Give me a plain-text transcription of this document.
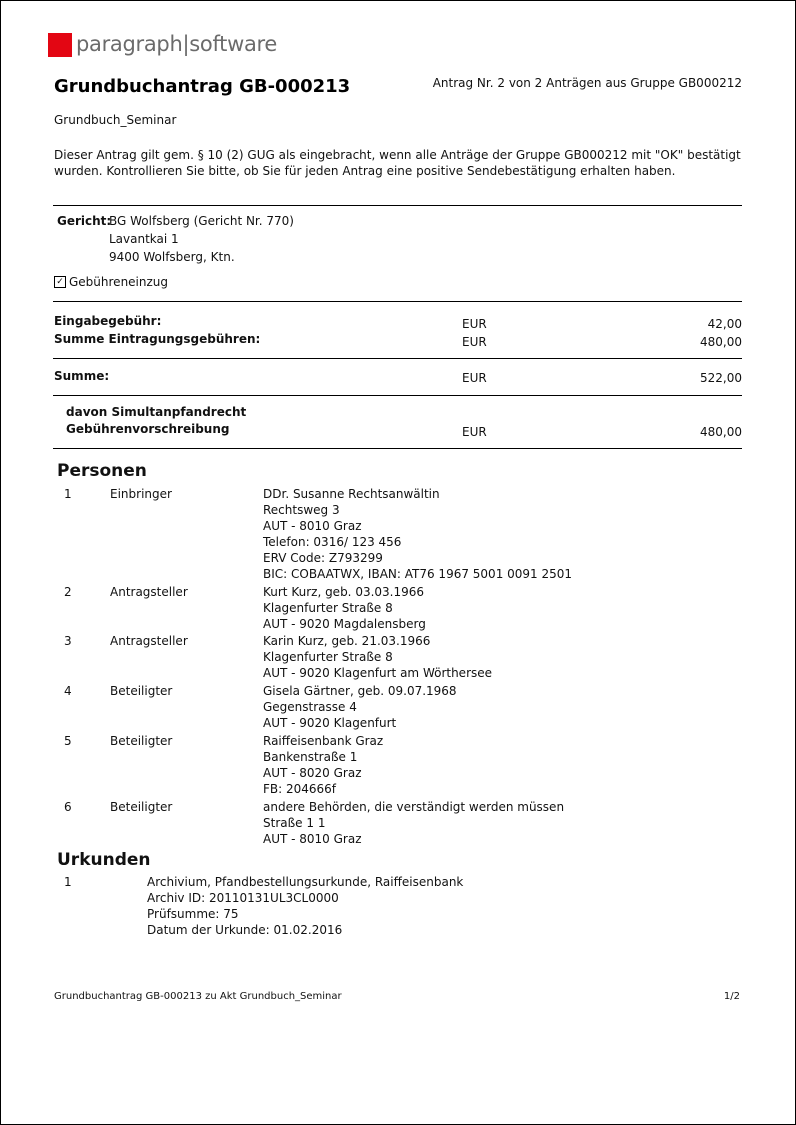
paragraph|software
Grundbuchantrag GB-000213	Antrag Nr. 2 von 2 Anträgen aus Gruppe GB000212
Grundbuch_Seminar
Dieser Antrag gilt gem. § 10 (2) GUG als eingebracht, wenn alle Anträge der Gruppe GB000212 mit "OK" bestätigt wurden. Kontrollieren Sie bitte, ob Sie für jeden Antrag eine positive Sendebestätigung erhalten haben.
Gericht:
BG Wolfsberg (Gericht Nr. 770)
Lavantkai 1
9400 Wolfsberg, Ktn.
✓ Gebühreneinzug
Eingabegebühr:	EUR	42,00
Summe Eintragungsgebühren:	EUR	480,00
Summe:	EUR	522,00
davon Simultanpfandrecht
Gebührenvorschreibung	EUR	480,00
Personen
1	Einbringer	DDr. Susanne Rechtsanwältin
Rechtsweg 3
AUT - 8010 Graz
Telefon: 0316/ 123 456
ERV Code: Z793299
BIC: COBAATWX, IBAN: AT76 1967 5001 0091 2501
2	Antragsteller	Kurt Kurz, geb. 03.03.1966
Klagenfurter Straße 8
AUT - 9020 Magdalensberg
3	Antragsteller	Karin Kurz, geb. 21.03.1966
Klagenfurter Straße 8
AUT - 9020 Klagenfurt am Wörthersee
4	Beteiligter	Gisela Gärtner, geb. 09.07.1968
Gegenstrasse 4
AUT - 9020 Klagenfurt
5	Beteiligter	Raiffeisenbank Graz
Bankenstraße 1
AUT - 8020 Graz
FB: 204666f
6	Beteiligter	andere Behörden, die verständigt werden müssen
Straße 1 1
AUT - 8010 Graz
Urkunden
1	Archivium, Pfandbestellungsurkunde, Raiffeisenbank
Archiv ID: 20110131UL3CL0000
Prüfsumme: 75
Datum der Urkunde: 01.02.2016
Grundbuchantrag GB-000213 zu Akt Grundbuch_Seminar	1/2
